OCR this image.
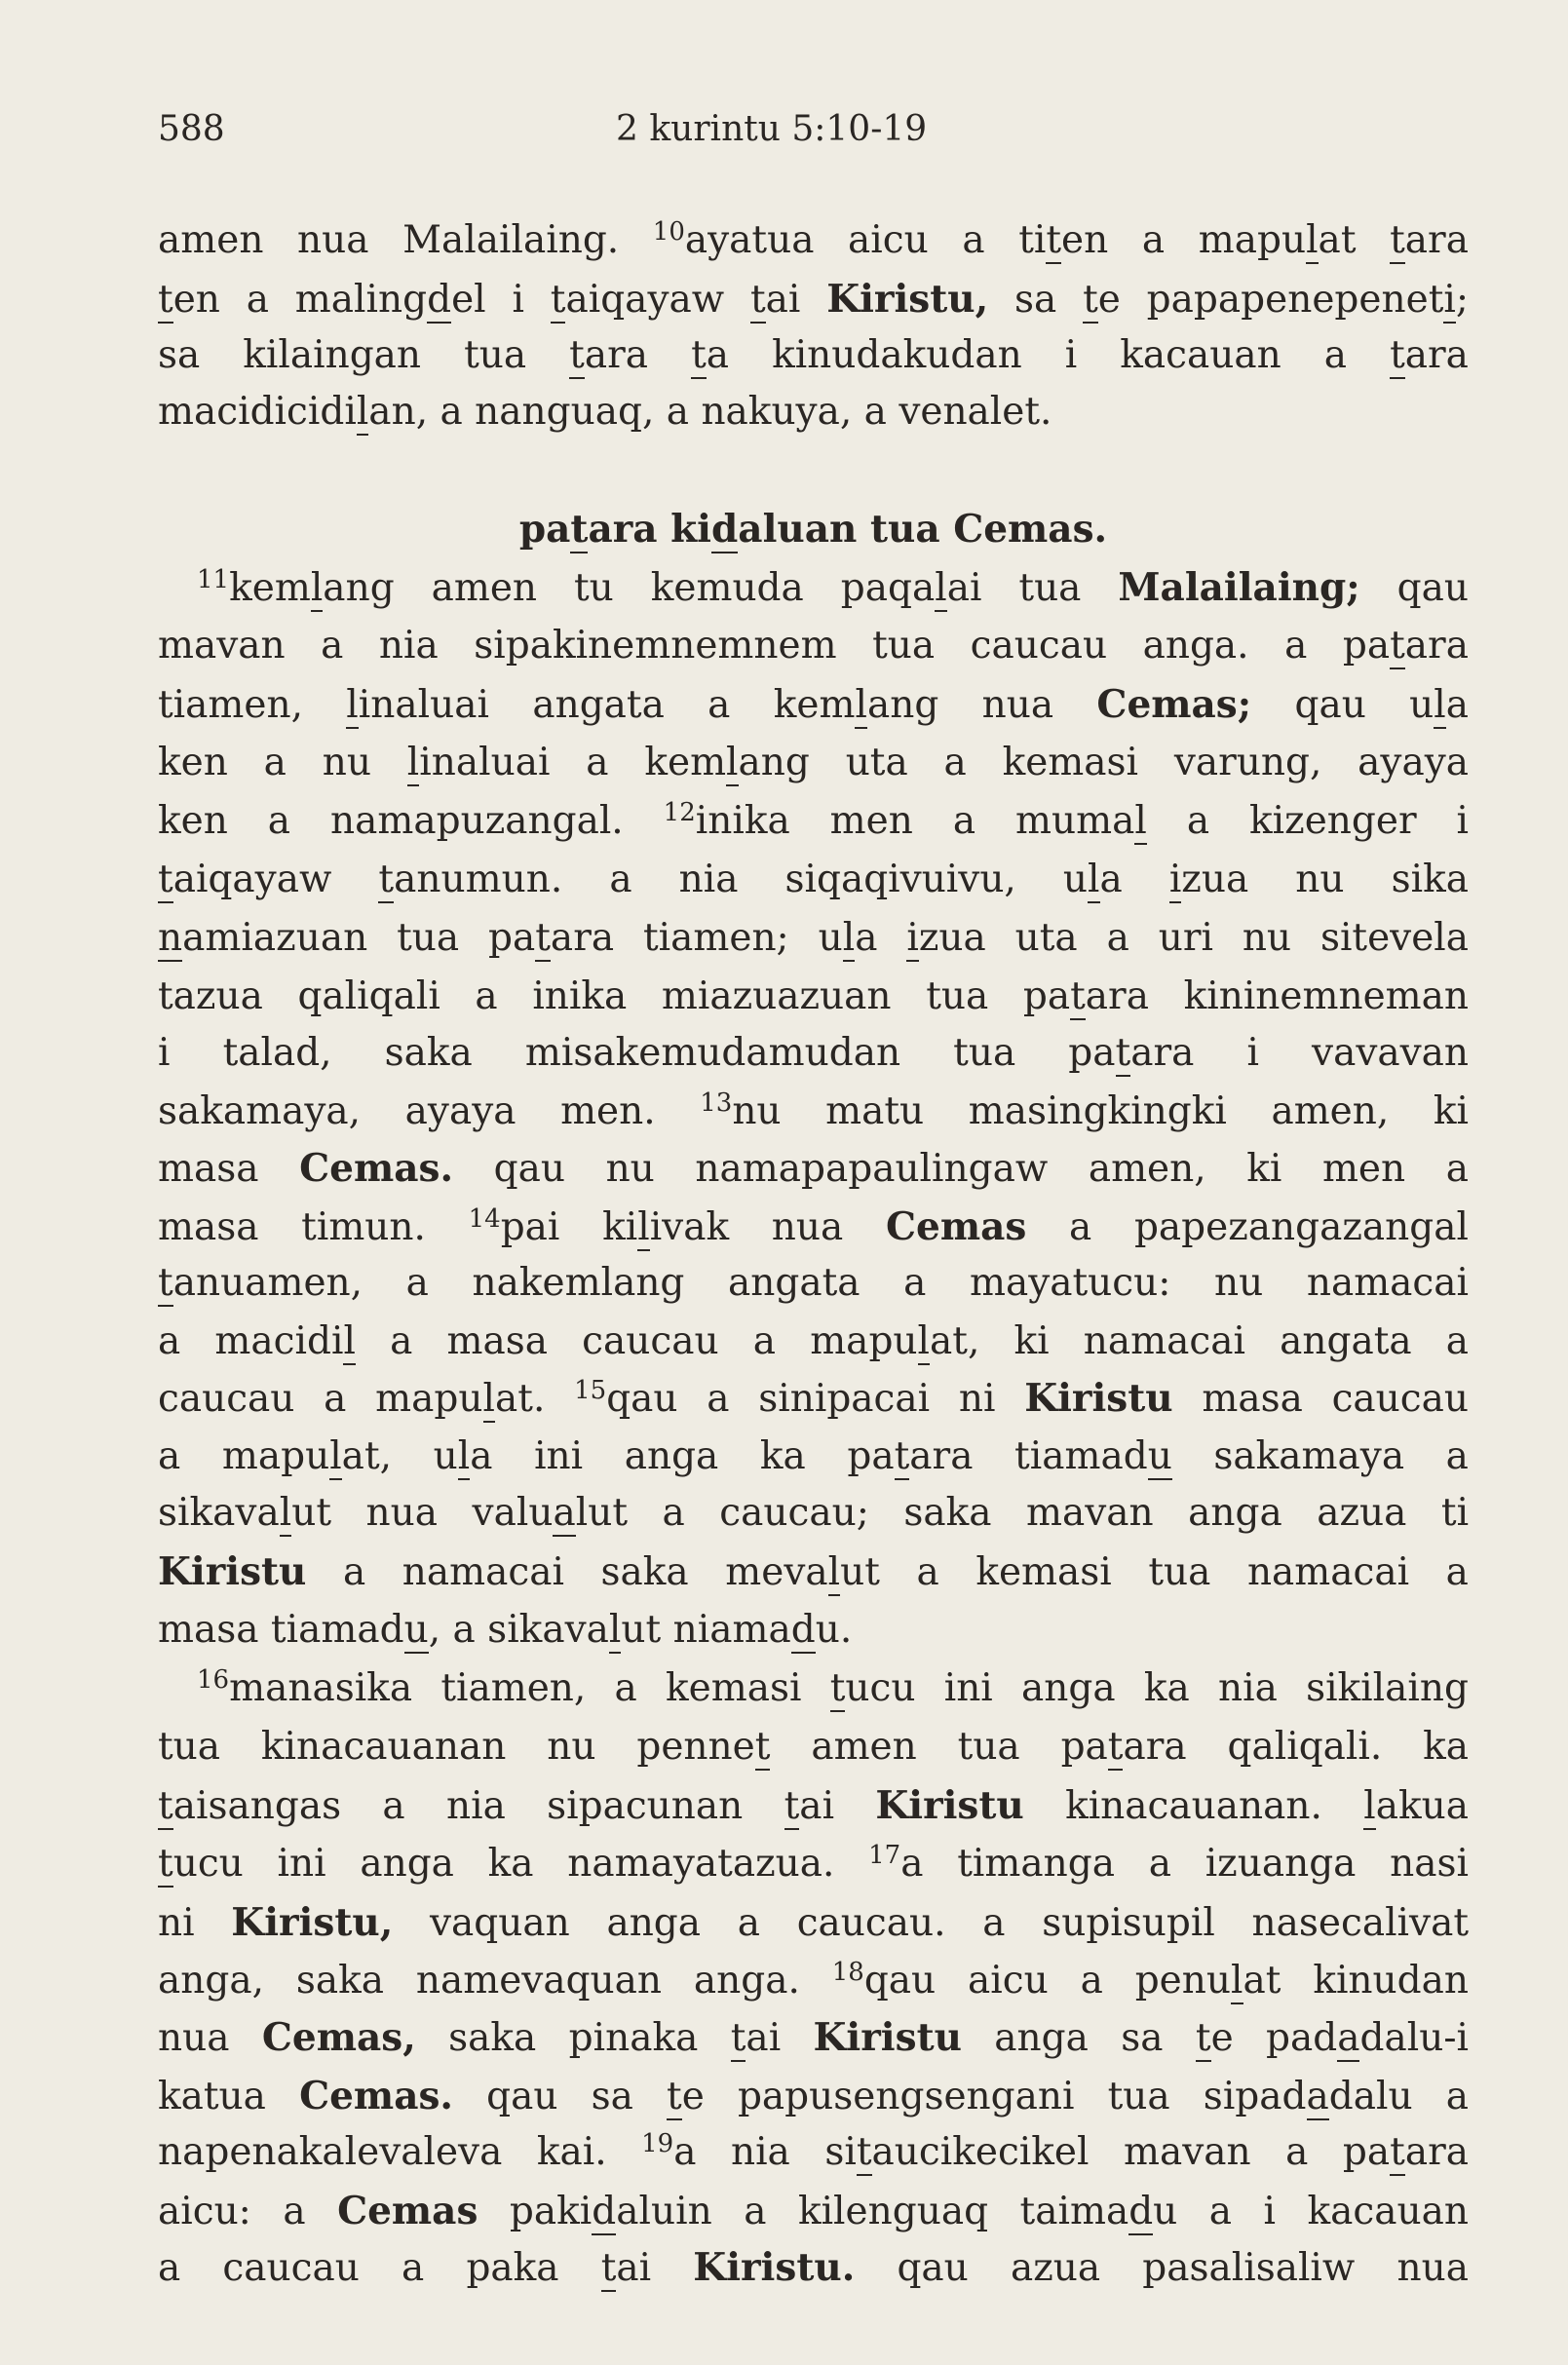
588	2 kurintu 5:10-19
amen nua Malailaing. $^{10}$ayatua aicu a titen a mapulat tara
ten a malingdel i taiqayaw tai Kiristu, sa te papapenepeneti;
sa kilaingan tua tara ta kinudakudan i kacauan a tara
macidicidilan, a nanguaq, a nakuya, a venalet.
patara kidaluan tua Cemas.
$^{11}$kemlang amen tu kemuda paqalai tua Malailaing; qau
mavan a nia sipakinemnemnem tua caucau anga. a patara
tiamen, linaluai angata a kemlang nua Cemas; qau ula
ken a nu linaluai a kemlang uta a kemasi varung, ayaya
ken a namapuzangal. $^{12}$inika men a mumal a kizenger i
taiqayaw tanumun. a nia siqaqivuivu, ula izua nu sika
namiazuan tua patara tiamen; ula izua uta a uri nu sitevela
tazua qaliqali a inika miazuazuan tua patara kininemneman
i talad, saka misakemudamudan tua patara i vavavan
sakamaya, ayaya men. $^{13}$nu matu masingkingki amen, ki
masa Cemas. qau nu namapapaulingaw amen, ki men a
masa timun. $^{14}$pai kilivak nua Cemas a papezangazangal
tanuamen, a nakemlang angata a mayatucu: nu namacai
a macidil a masa caucau a mapulat, ki namacai angata a
caucau a mapulat. $^{15}$qau a sinipacai ni Kiristu masa caucau
a mapulat, ula ini anga ka patara tiamadu sakamaya a
sikavalut nua valualut a caucau; saka mavan anga azua ti
Kiristu a namacai saka mevalut a kemasi tua namacai a
masa tiamadu, a sikavalut niamadu.
$^{16}$manasika tiamen, a kemasi tucu ini anga ka nia sikilaing
tua kinacauanan nu pennet amen tua patara qaliqali. ka
taisangas a nia sipacunan tai Kiristu kinacauanan. lakua
tucu ini anga ka namayatazua. $^{17}$a timanga a izuanga nasi
ni Kiristu, vaquan anga a caucau. a supisupil nasecalivat
anga, saka namevaquan anga. $^{18}$qau aicu a penulat kinudan
nua Cemas, saka pinaka tai Kiristu anga sa te padadalu-i
katua Cemas. qau sa te papusengsengani tua sipadadalu a
napenakalevaleva kai. $^{19}$a nia sitaucikecikel mavan a patara
aicu: a Cemas pakidaluin a kilenguaq taimadu a i kacauan
a caucau a paka tai Kiristu. qau azua pasalisaliw nua
